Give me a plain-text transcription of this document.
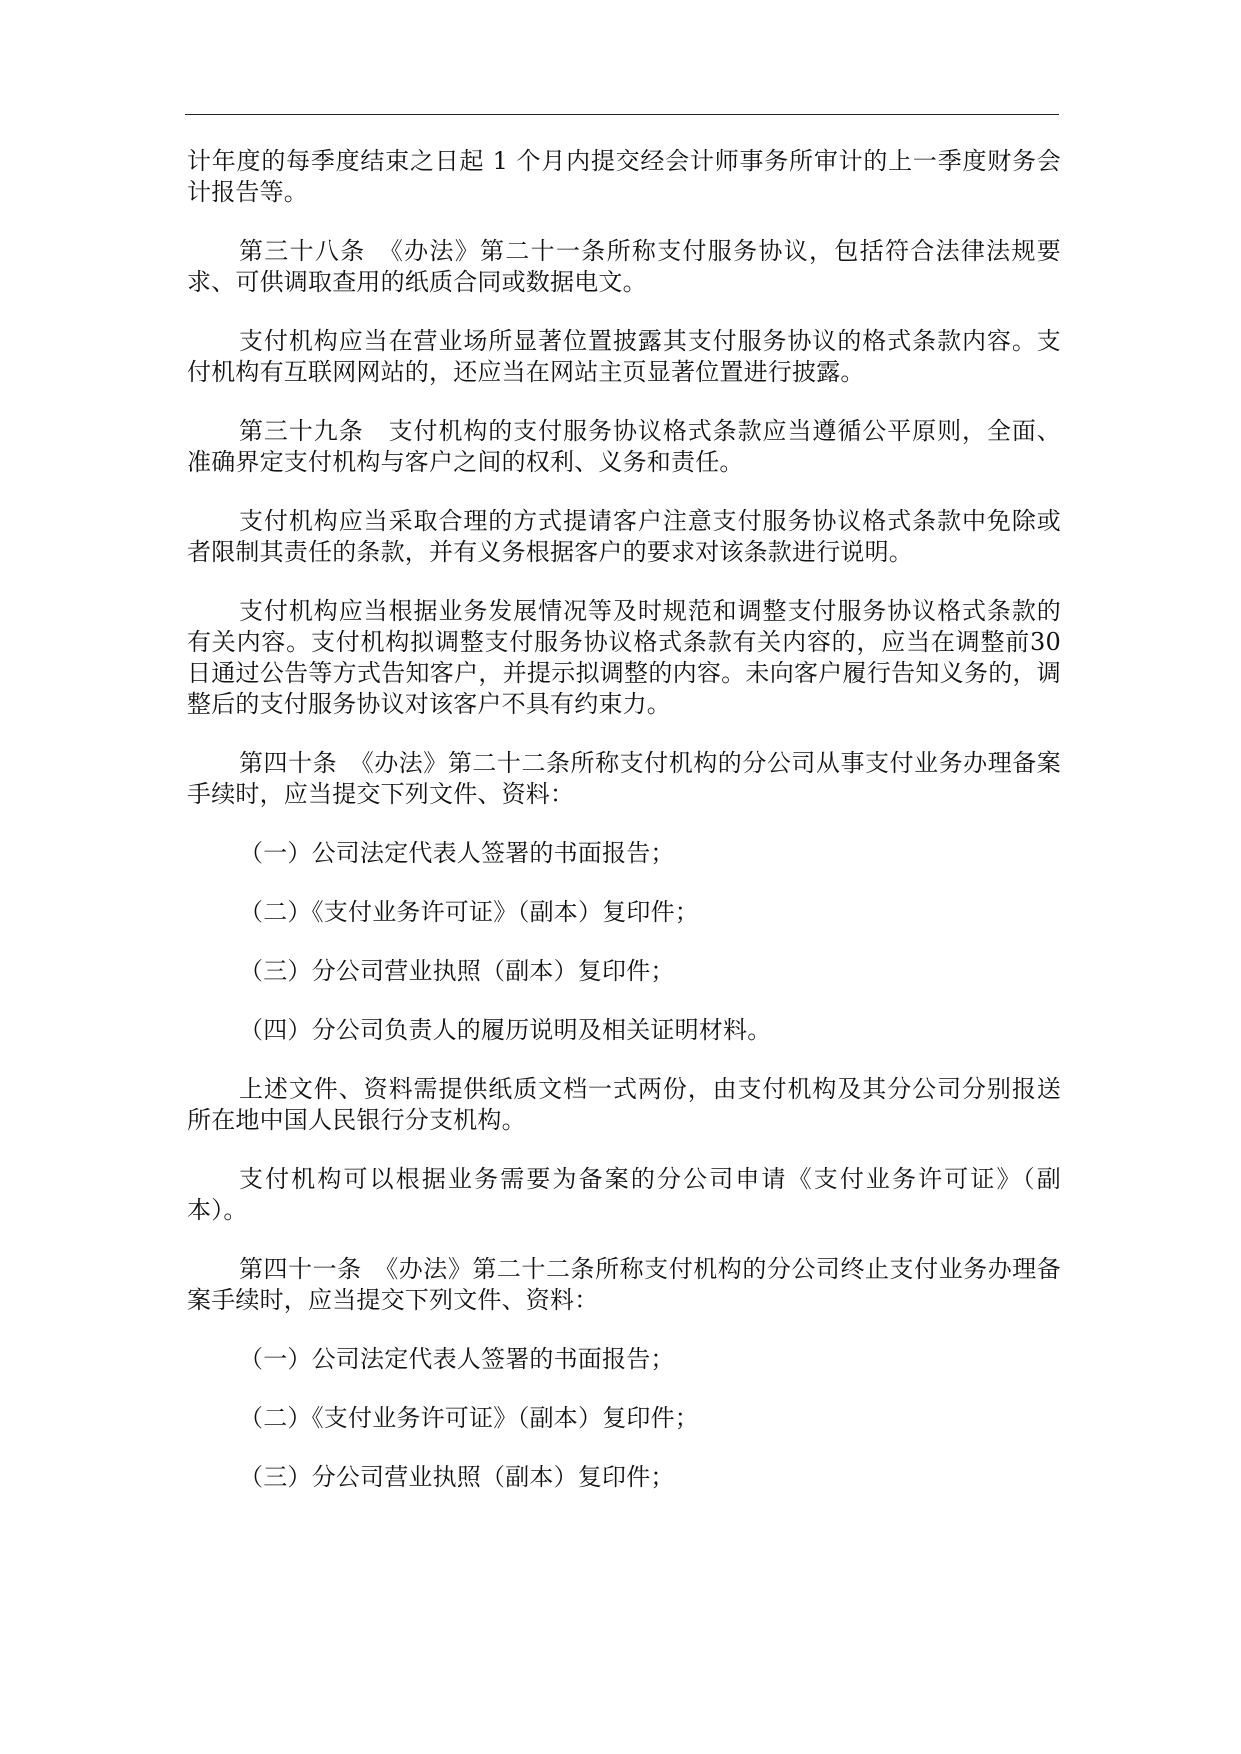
计年度的每季度结束之日起 1 个月内提交经会计师事务所审计的上一季度财务会计报告等。

第三十八条　《办法》第二十一条所称支付服务协议，包括符合法律法规要求、可供调取查用的纸质合同或数据电文。

支付机构应当在营业场所显著位置披露其支付服务协议的格式条款内容。支付机构有互联网网站的，还应当在网站主页显著位置进行披露。

第三十九条　支付机构的支付服务协议格式条款应当遵循公平原则，全面、准确界定支付机构与客户之间的权利、义务和责任。

支付机构应当采取合理的方式提请客户注意支付服务协议格式条款中免除或者限制其责任的条款，并有义务根据客户的要求对该条款进行说明。

支付机构应当根据业务发展情况等及时规范和调整支付服务协议格式条款的有关内容。支付机构拟调整支付服务协议格式条款有关内容的，应当在调整前30日通过公告等方式告知客户，并提示拟调整的内容。未向客户履行告知义务的，调整后的支付服务协议对该客户不具有约束力。

第四十条　《办法》第二十二条所称支付机构的分公司从事支付业务办理备案手续时，应当提交下列文件、资料：

（一）公司法定代表人签署的书面报告；

（二）《支付业务许可证》（副本）复印件；

（三）分公司营业执照（副本）复印件；

（四）分公司负责人的履历说明及相关证明材料。

上述文件、资料需提供纸质文档一式两份，由支付机构及其分公司分别报送所在地中国人民银行分支机构。

支付机构可以根据业务需要为备案的分公司申请《支付业务许可证》（副本）。

第四十一条　《办法》第二十二条所称支付机构的分公司终止支付业务办理备案手续时，应当提交下列文件、资料：

（一）公司法定代表人签署的书面报告；

（二）《支付业务许可证》（副本）复印件；

（三）分公司营业执照（副本）复印件；
